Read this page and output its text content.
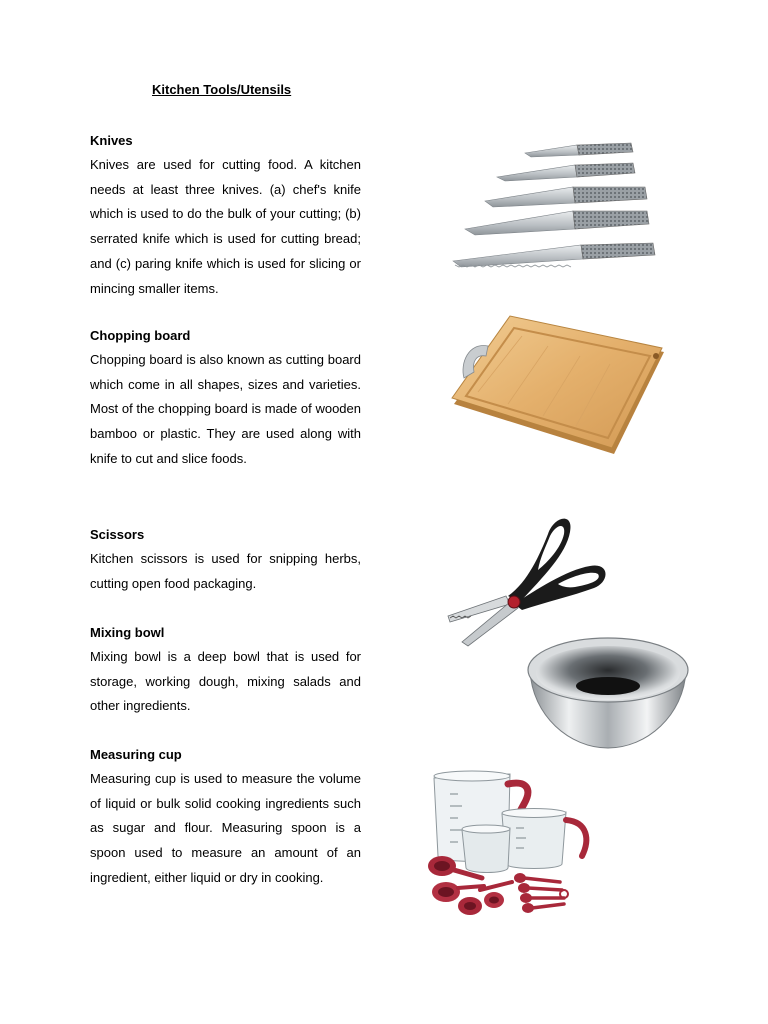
Kitchen Tools/Utensils

Knives

Knives are used for cutting food. A kitchen needs at least three knives. (a) chef's knife which is used to do the bulk of your cutting; (b) serrated knife which is used for cutting bread; and (c) paring knife which is used for slicing or mincing smaller items.

Chopping board

Chopping board is also known as cutting board which come in all shapes, sizes and varieties. Most of the chopping board is made of wooden bamboo or plastic. They are used along with knife to cut and slice foods.

Scissors

Kitchen scissors is used for snipping herbs, cutting open food packaging.

Mixing bowl

Mixing bowl is a deep bowl that is used for storage, working dough, mixing salads and other ingredients.

Measuring cup

Measuring cup is used to measure the volume of liquid or bulk solid cooking ingredients such as sugar and flour. Measuring spoon is a spoon used to measure an amount of an ingredient, either liquid or dry in cooking.
